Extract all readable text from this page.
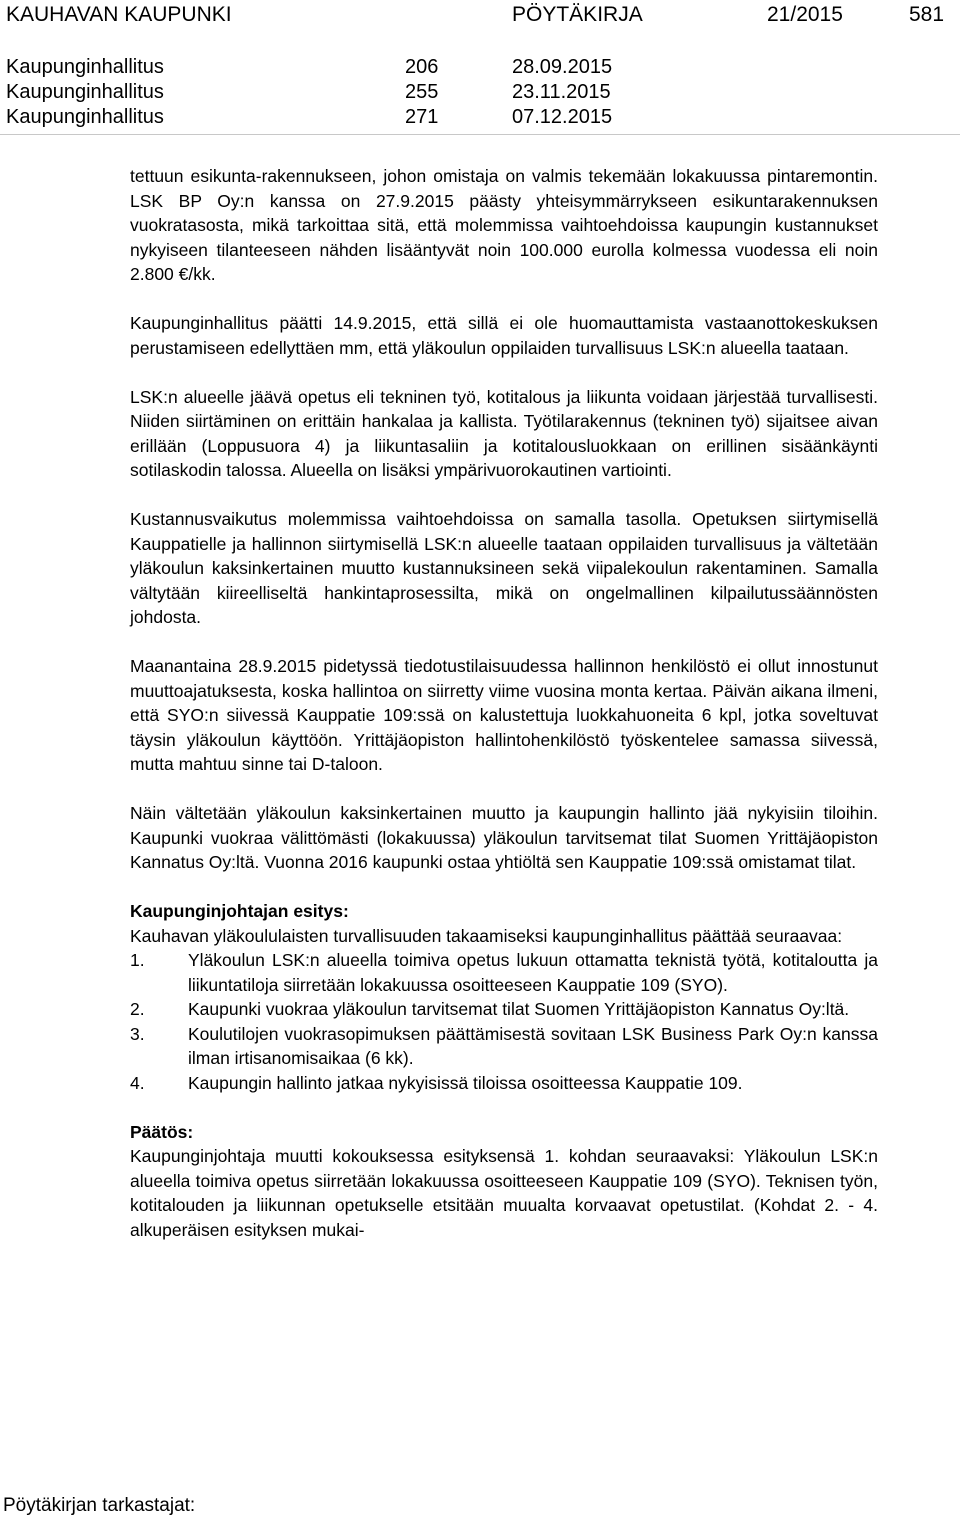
KAUHAVAN KAUPUNKI	PÖYTÄKIRJA	21/2015	581
Kaupunginhallitus	206	28.09.2015
Kaupunginhallitus	255	23.11.2015
Kaupunginhallitus	271	07.12.2015

tettuun esikunta-rakennukseen, johon omistaja on valmis tekemään lokakuussa pintaremontin. LSK BP Oy:n kanssa on 27.9.2015 päästy yhteisymmärrykseen esikuntarakennuksen vuokratasosta, mikä tarkoittaa sitä, että molemmissa vaihtoehdoissa kaupungin kustannukset nykyiseen tilanteeseen nähden lisääntyvät noin 100.000 eurolla kolmessa vuodessa eli noin 2.800 €/kk.

Kaupunginhallitus päätti 14.9.2015, että sillä ei ole huomauttamista vastaanottokeskuksen perustamiseen edellyttäen mm, että yläkoulun oppilaiden turvallisuus LSK:n alueella taataan.

LSK:n alueelle jäävä opetus eli tekninen työ, kotitalous ja liikunta voidaan järjestää turvallisesti. Niiden siirtäminen on erittäin hankalaa ja kallista. Työtilarakennus (tekninen työ) sijaitsee aivan erillään (Loppusuora 4) ja liikuntasaliin ja kotitalousluokkaan on erillinen sisäänkäynti sotilaskodin talossa. Alueella on lisäksi ympärivuorokautinen vartiointi.

Kustannusvaikutus molemmissa vaihtoehdoissa on samalla tasolla. Opetuksen siirtymisellä Kauppatielle ja hallinnon siirtymisellä LSK:n alueelle taataan oppilaiden turvallisuus ja vältetään yläkoulun kaksinkertainen muutto kustannuksineen sekä viipalekoulun rakentaminen. Samalla vältytään kiireelliseltä hankintaprosessilta, mikä on ongelmallinen kilpailutussäännösten johdosta.

Maanantaina 28.9.2015 pidetyssä tiedotustilaisuudessa hallinnon henkilöstö ei ollut innostunut muuttoajatuksesta, koska hallintoa on siirretty viime vuosina monta kertaa. Päivän aikana ilmeni, että SYO:n siivessä Kauppatie 109:ssä on kalustettuja luokkahuoneita 6 kpl, jotka soveltuvat täysin yläkoulun käyttöön. Yrittäjäopiston hallintohenkilöstö työskentelee samassa siivessä, mutta mahtuu sinne tai D-taloon.

Näin vältetään yläkoulun kaksinkertainen muutto ja kaupungin hallinto jää nykyisiin tiloihin. Kaupunki vuokraa välittömästi (lokakuussa) yläkoulun tarvitsemat tilat Suomen Yrittäjäopiston Kannatus Oy:ltä. Vuonna 2016 kaupunki ostaa yhtiöltä sen Kauppatie 109:ssä omistamat tilat.

Kaupunginjohtajan esitys:

Kauhavan yläkoululaisten turvallisuuden takaamiseksi kaupunginhallitus päättää seuraavaa:

1.	Yläkoulun LSK:n alueella toimiva opetus lukuun ottamatta teknistä työtä, kotitaloutta ja liikuntatiloja siirretään lokakuussa osoitteeseen Kauppatie 109 (SYO).
2.	Kaupunki vuokraa yläkoulun tarvitsemat tilat Suomen Yrittäjäopiston Kannatus Oy:ltä.
3.	Koulutilojen vuokrasopimuksen päättämisestä sovitaan LSK Business Park Oy:n kanssa ilman irtisanomisaikaa (6 kk).
4.	Kaupungin hallinto jatkaa nykyisissä tiloissa osoitteessa Kauppatie 109.

Päätös:

Kaupunginjohtaja muutti kokouksessa esityksensä 1. kohdan seuraavaksi: Yläkoulun LSK:n alueella toimiva opetus siirretään lokakuussa osoitteeseen Kauppatie 109 (SYO). Teknisen työn, kotitalouden ja liikunnan opetukselle etsitään muualta korvaavat opetustilat. (Kohdat 2. - 4. alkuperäisen esityksen mukai-

Pöytäkirjan tarkastajat:
